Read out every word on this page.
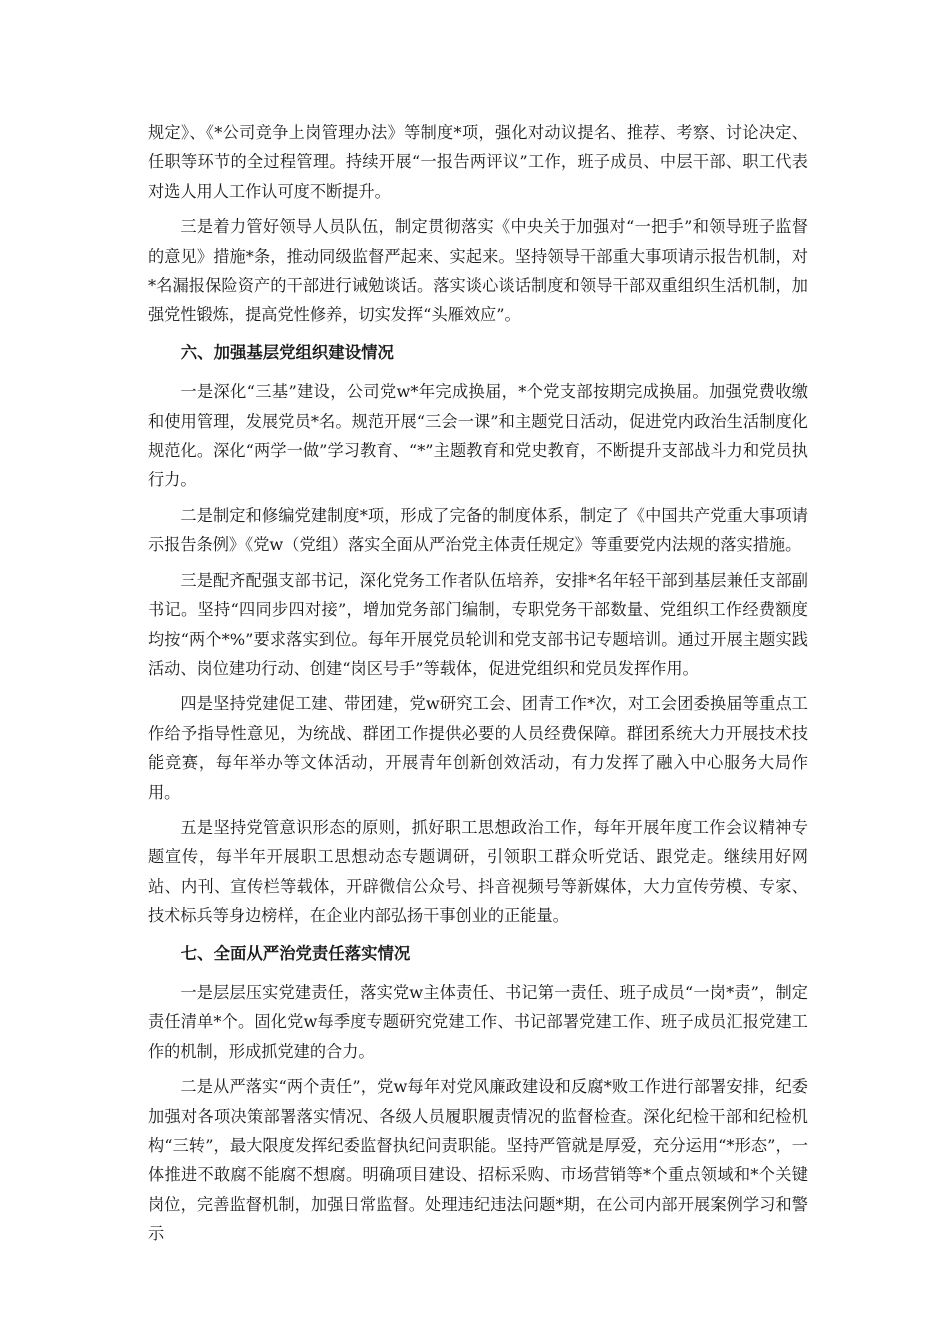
规定》、《*公司竞争上岗管理办法》等制度*项，强化对动议提名、推荐、考察、讨论决定、任职等环节的全过程管理。持续开展“一报告两评议”工作，班子成员、中层干部、职工代表对选人用人工作认可度不断提升。

三是着力管好领导人员队伍，制定贯彻落实《中央关于加强对“一把手”和领导班子监督的意见》措施*条，推动同级监督严起来、实起来。坚持领导干部重大事项请示报告机制，对*名漏报保险资产的干部进行诫勉谈话。落实谈心谈话制度和领导干部双重组织生活机制，加强党性锻炼，提高党性修养，切实发挥“头雁效应”。

六、加强基层党组织建设情况

一是深化“三基”建设，公司党w*年完成换届，*个党支部按期完成换届。加强党费收缴和使用管理，发展党员*名。规范开展“三会一课”和主题党日活动，促进党内政治生活制度化规范化。深化“两学一做”学习教育、“*”主题教育和党史教育，不断提升支部战斗力和党员执行力。

二是制定和修编党建制度*项，形成了完备的制度体系，制定了《中国共产党重大事项请示报告条例》《党w（党组）落实全面从严治党主体责任规定》等重要党内法规的落实措施。

三是配齐配强支部书记，深化党务工作者队伍培养，安排*名年轻干部到基层兼任支部副书记。坚持“四同步四对接”，增加党务部门编制，专职党务干部数量、党组织工作经费额度均按“两个*%”要求落实到位。每年开展党员轮训和党支部书记专题培训。通过开展主题实践活动、岗位建功行动、创建“岗区号手”等载体，促进党组织和党员发挥作用。

四是坚持党建促工建、带团建，党w研究工会、团青工作*次，对工会团委换届等重点工作给予指导性意见，为统战、群团工作提供必要的人员经费保障。群团系统大力开展技术技能竞赛，每年举办等文体活动，开展青年创新创效活动，有力发挥了融入中心服务大局作用。

五是坚持党管意识形态的原则，抓好职工思想政治工作，每年开展年度工作会议精神专题宣传，每半年开展职工思想动态专题调研，引领职工群众听党话、跟党走。继续用好网站、内刊、宣传栏等载体，开辟微信公众号、抖音视频号等新媒体，大力宣传劳模、专家、技术标兵等身边榜样，在企业内部弘扬干事创业的正能量。

七、全面从严治党责任落实情况

一是层层压实党建责任，落实党w主体责任、书记第一责任、班子成员“一岗*责”，制定责任清单*个。固化党w每季度专题研究党建工作、书记部署党建工作、班子成员汇报党建工作的机制，形成抓党建的合力。

二是从严落实“两个责任”，党w每年对党风廉政建设和反腐*败工作进行部署安排，纪委加强对各项决策部署落实情况、各级人员履职履责情况的监督检查。深化纪检干部和纪检机构“三转”，最大限度发挥纪委监督执纪问责职能。坚持严管就是厚爱，充分运用“*形态”，一体推进不敢腐不能腐不想腐。明确项目建设、招标采购、市场营销等*个重点领域和*个关键岗位，完善监督机制，加强日常监督。处理违纪违法问题*期，在公司内部开展案例学习和警示
